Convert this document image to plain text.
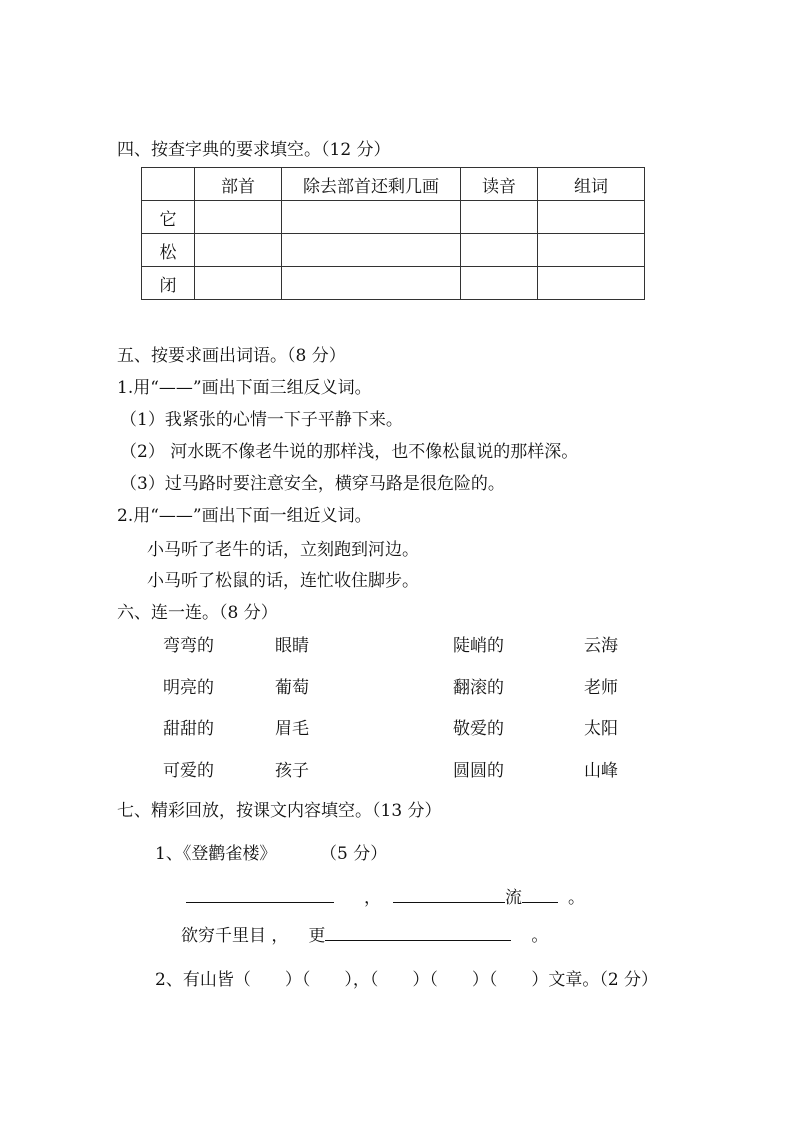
四、按查字典的要求填空。（12 分）
	部首	除去部首还剩几画	读音	组词
它				
松				
闭				
五、按要求画出词语。（8 分）
1.用“——”画出下面三组反义词。
（1）我紧张的心情一下子平静下来。
（2） 河水既不像老牛说的那样浅，也不像松鼠说的那样深。
（3）过马路时要注意安全，横穿马路是很危险的。
2.用“——”画出下面一组近义词。
小马听了老牛的话，立刻跑到河边。
小马听了松鼠的话，连忙收住脚步。
六、连一连。（8 分）
弯弯的	眼睛	陡峭的	云海
明亮的	葡萄	翻滚的	老师
甜甜的	眉毛	敬爱的	太阳
可爱的	孩子	圆圆的	山峰
七、精彩回放，按课文内容填空。（13 分）
1、《登鹳雀楼》	（5 分）
，	流	。
欲穷千里目 ， 更	。
2、有山皆（　　）（　　），（　　）（　　）（　　）文章。（2 分）
